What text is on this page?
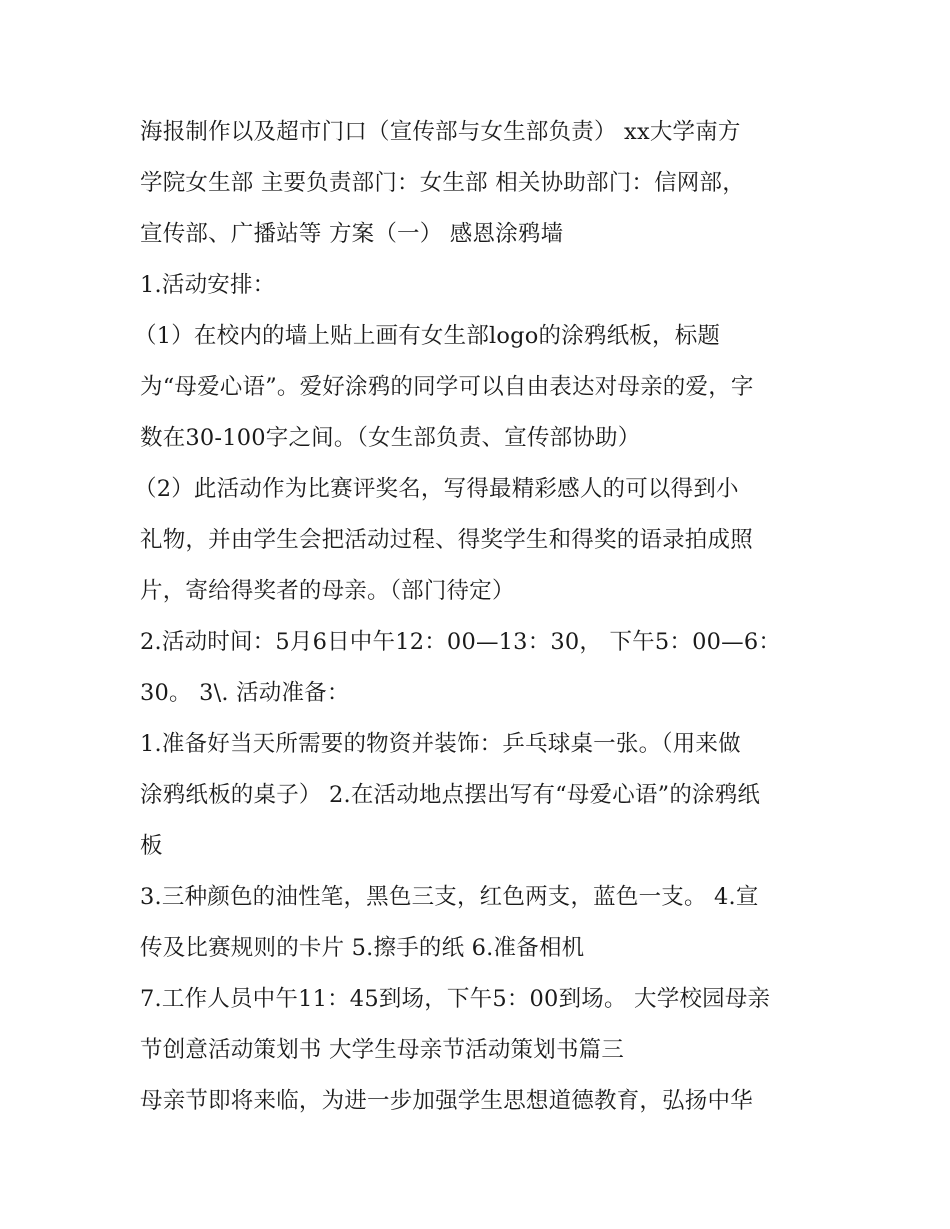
海报制作以及超市门口（宣传部与女生部负责） xx大学南方
学院女生部 主要负责部门：女生部 相关协助部门：信网部，
宣传部、广播站等 方案（一） 感恩涂鸦墙
1.活动安排：
（1）在校内的墙上贴上画有女生部logo的涂鸦纸板，标题
为“母爱心语”。爱好涂鸦的同学可以自由表达对母亲的爱，字
数在30-100字之间。（女生部负责、宣传部协助）
（2）此活动作为比赛评奖名，写得最精彩感人的可以得到小
礼物，并由学生会把活动过程、得奖学生和得奖的语录拍成照
片，寄给得奖者的母亲。（部门待定）
2.活动时间：5月6日中午12：00—13：30， 下午5：00—6：
30。 3\. 活动准备：
1.准备好当天所需要的物资并装饰：乒乓球桌一张。（用来做
涂鸦纸板的桌子） 2.在活动地点摆出写有“母爱心语”的涂鸦纸
板
3.三种颜色的油性笔，黑色三支，红色两支，蓝色一支。 4.宣
传及比赛规则的卡片 5.擦手的纸 6.准备相机
7.工作人员中午11：45到场，下午5：00到场。 大学校园母亲
节创意活动策划书 大学生母亲节活动策划书篇三
母亲节即将来临，为进一步加强学生思想道德教育，弘扬中华
